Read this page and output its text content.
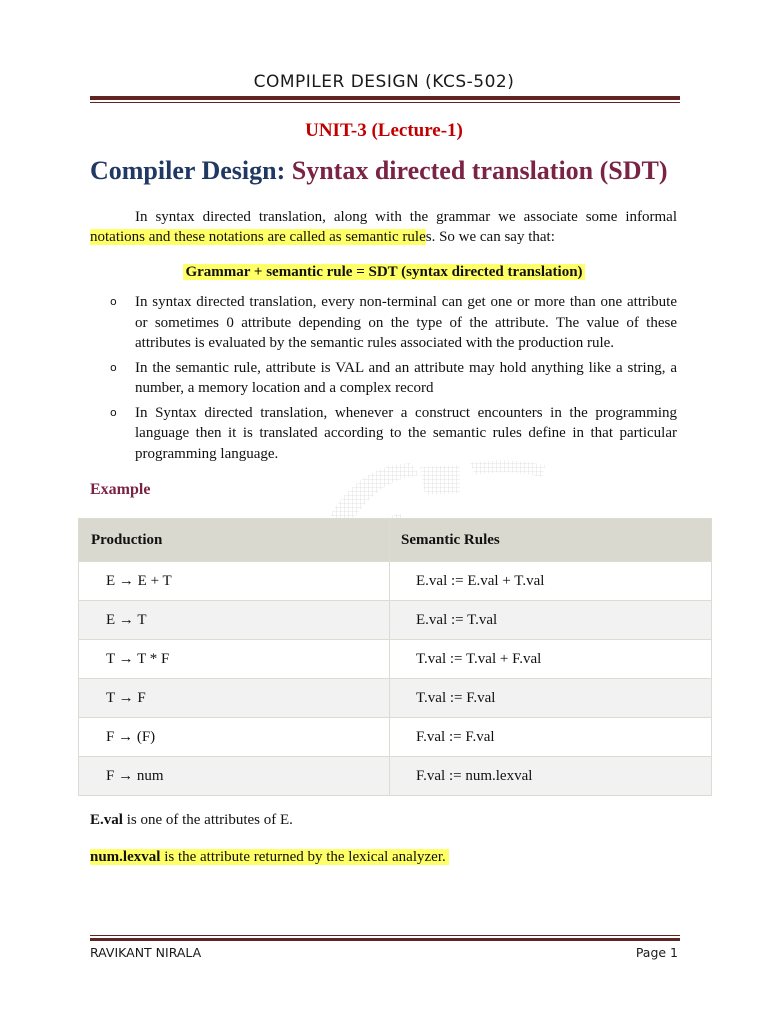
COMPILER DESIGN (KCS-502)
UNIT-3 (Lecture-1)
Compiler Design: Syntax directed translation (SDT)

In syntax directed translation, along with the grammar we associate some informal notations and these notations are called as semantic rules. So we can say that:

Grammar + semantic rule = SDT (syntax directed translation)
o In syntax directed translation, every non-terminal can get one or more than one attribute or sometimes 0 attribute depending on the type of the attribute. The value of these attributes is evaluated by the semantic rules associated with the production rule.
o In the semantic rule, attribute is VAL and an attribute may hold anything like a string, a number, a memory location and a complex record
o In Syntax directed translation, whenever a construct encounters in the programming language then it is translated according to the semantic rules define in that particular programming language.
Example
Production	Semantic Rules
E → E + T	E.val := E.val + T.val
E → T	E.val := T.val
T → T * F	T.val := T.val + F.val
T → F	T.val := F.val
F → (F)	F.val := F.val
F → num	F.val := num.lexval
E.val is one of the attributes of E.
num.lexval is the attribute returned by the lexical analyzer.
RAVIKANT NIRALA	Page 1
